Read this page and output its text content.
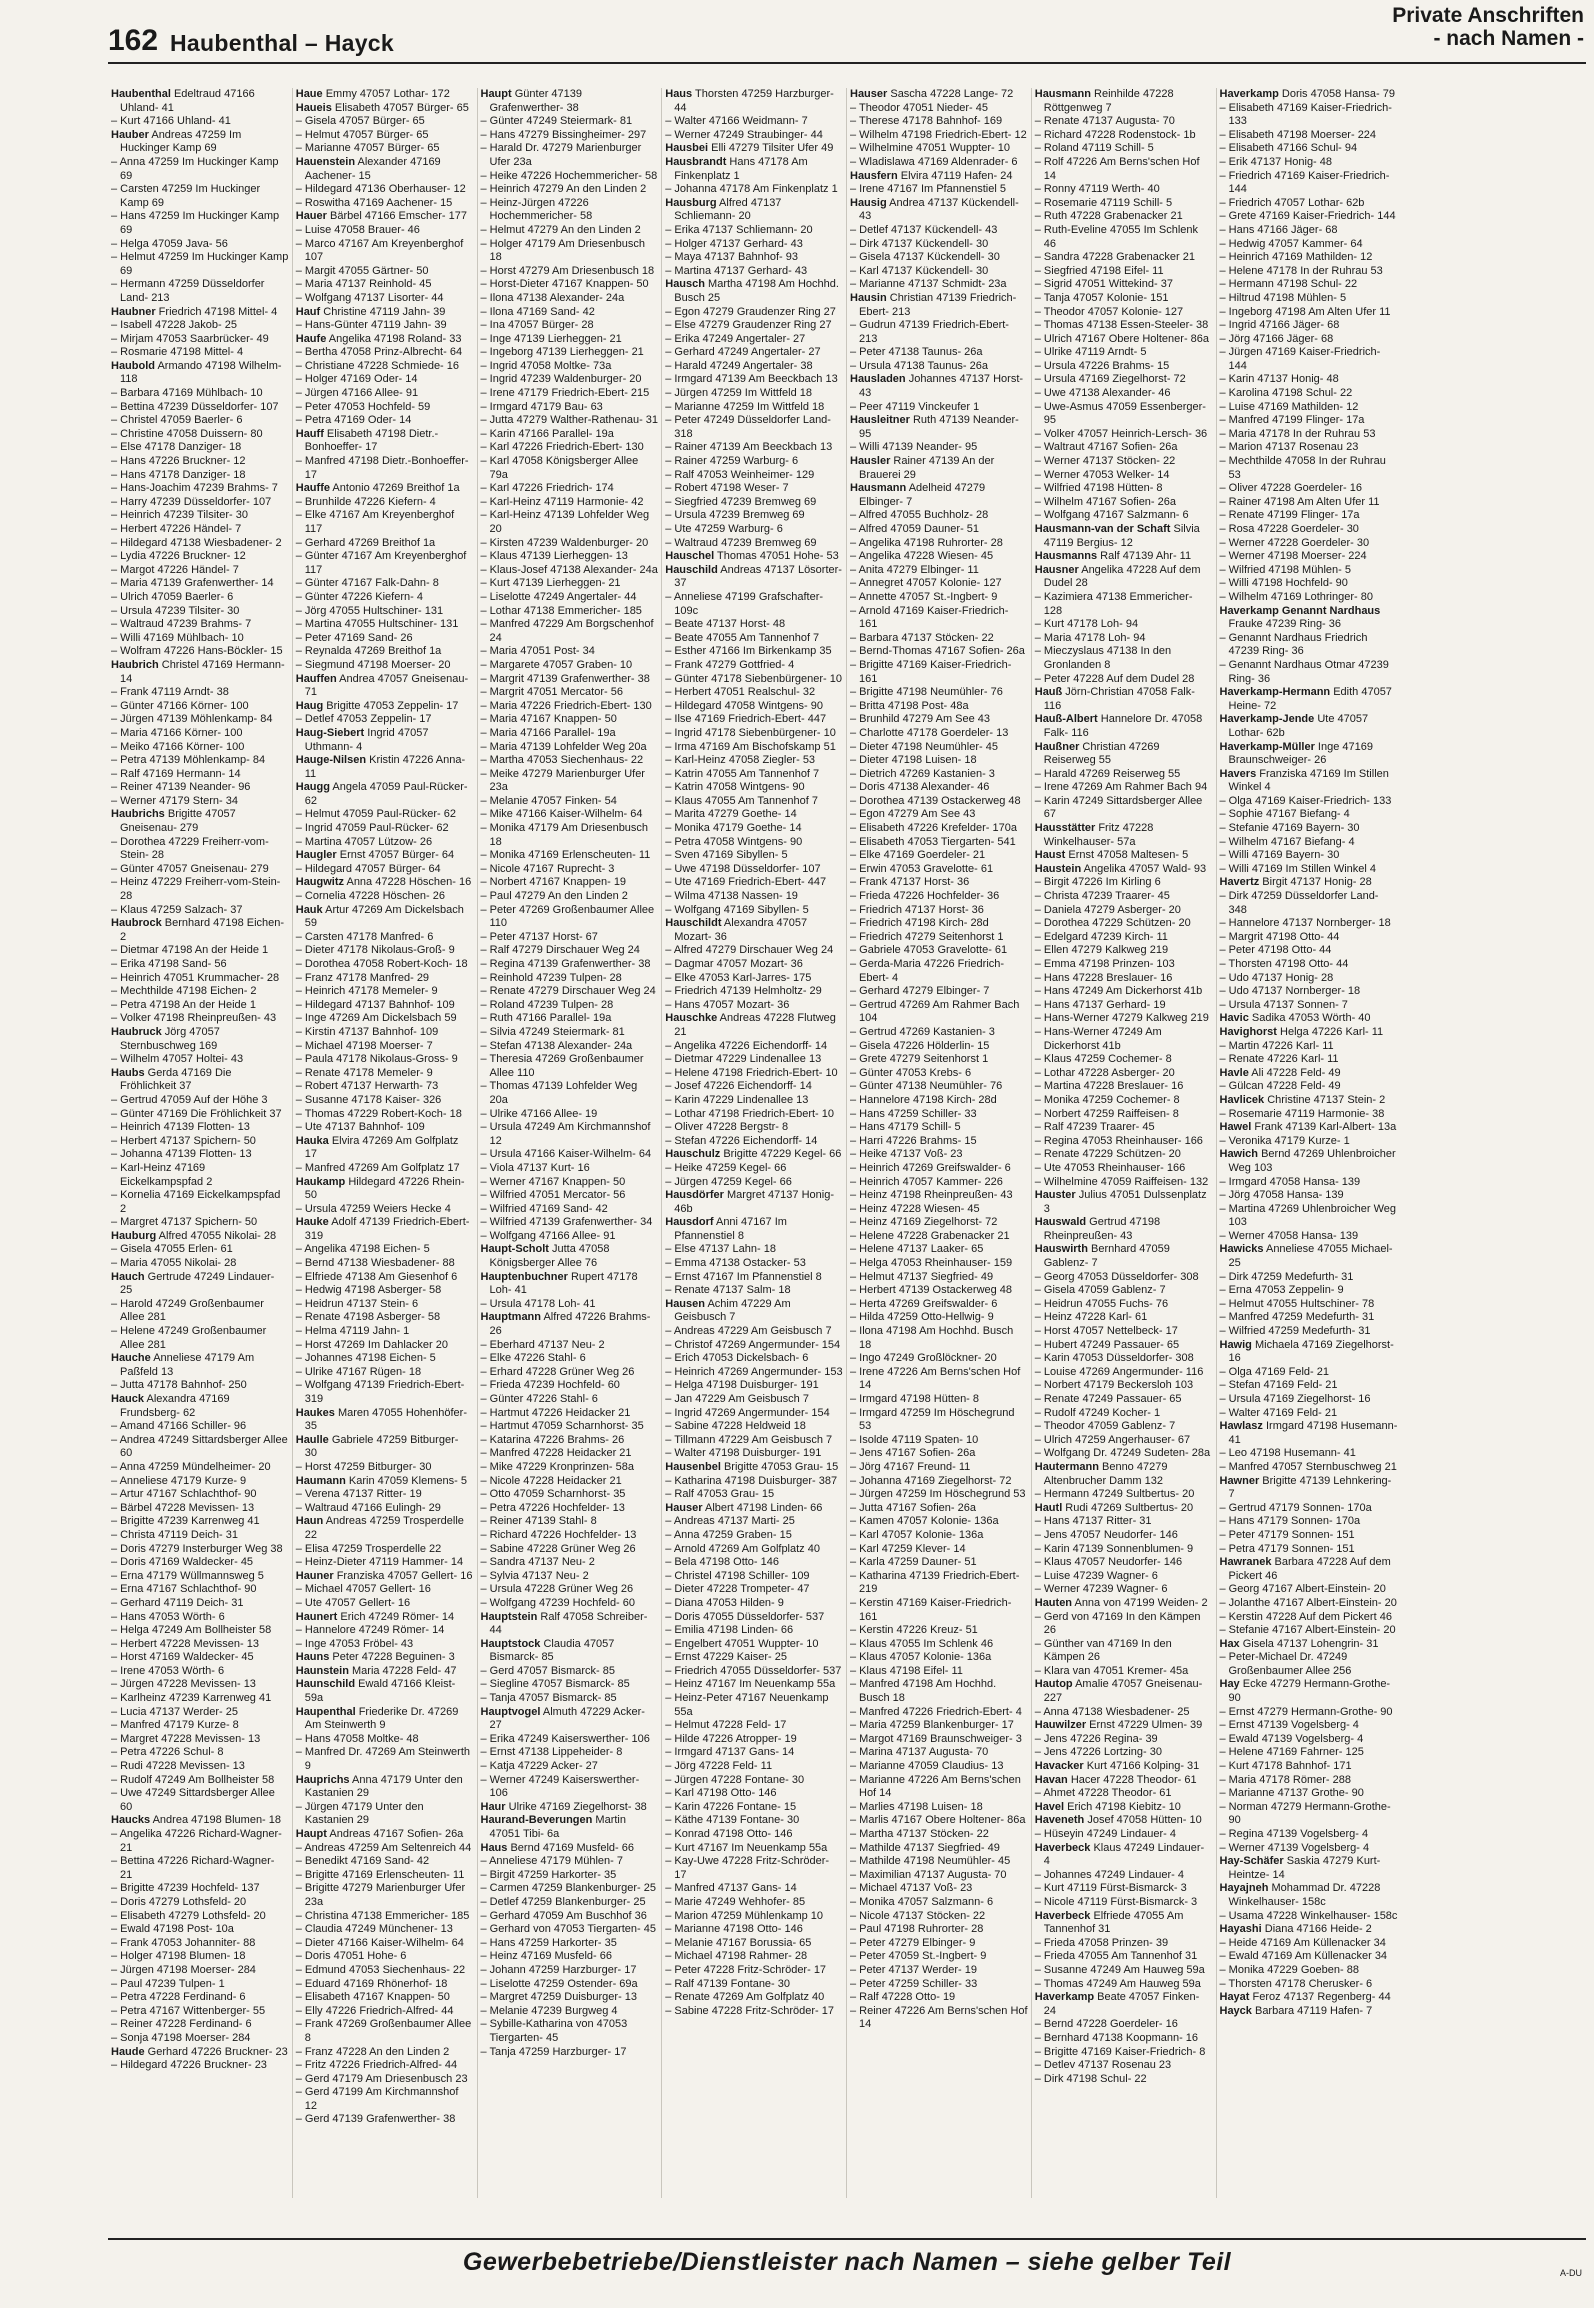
162 Haubenthal – Hayck
Private Anschriften
- nach Namen -

Haubenthal Edeltraud 47166 Uhland- 41

– Kurt 47166 Uhland- 41

Hauber Andreas 47259 Im Huckinger Kamp 69

– Anna 47259 Im Huckinger Kamp 69

– Carsten 47259 Im Huckinger Kamp 69

– Hans 47259 Im Huckinger Kamp 69

– Helga 47059 Java- 56

– Helmut 47259 Im Huckinger Kamp 69

– Hermann 47259 Düsseldorfer Land- 213

Haubner Friedrich 47198 Mittel- 4

– Isabell 47228 Jakob- 25

– Mirjam 47053 Saarbrücker- 49

– Rosmarie 47198 Mittel- 4

Haubold Armando 47198 Wilhelm- 118

– Barbara 47169 Mühlbach- 10

– Bettina 47239 Düsseldorfer- 107

– Christel 47059 Baerler- 6

– Christine 47058 Duissern- 80

– Else 47178 Danziger- 18

– Hans 47226 Bruckner- 12

– Hans 47178 Danziger- 18

– Hans-Joachim 47239 Brahms- 7

– Harry 47239 Düsseldorfer- 107

– Heinrich 47239 Tilsiter- 30

– Herbert 47226 Händel- 7

– Hildegard 47138 Wiesbadener- 2

– Lydia 47226 Bruckner- 12

– Margot 47226 Händel- 7

– Maria 47139 Grafenwerther- 14

– Ulrich 47059 Baerler- 6

– Ursula 47239 Tilsiter- 30

– Waltraud 47239 Brahms- 7

– Willi 47169 Mühlbach- 10

– Wolfram 47226 Hans-Böckler- 15

Haubrich Christel 47169 Hermann- 14

– Frank 47119 Arndt- 38

– Günter 47166 Körner- 100

– Jürgen 47139 Möhlenkamp- 84

– Maria 47166 Körner- 100

– Meiko 47166 Körner- 100

– Petra 47139 Möhlenkamp- 84

– Ralf 47169 Hermann- 14

– Reiner 47139 Neander- 96

– Werner 47179 Stern- 34

Haubrichs Brigitte 47057 Gneisenau- 279

– Dorothea 47229 Freiherr-vom-Stein- 28

– Günter 47057 Gneisenau- 279

– Heinz 47229 Freiherr-vom-Stein- 28

– Klaus 47259 Salzach- 37

Haubrock Bernhard 47198 Eichen- 2

– Dietmar 47198 An der Heide 1

– Erika 47198 Sand- 56

– Heinrich 47051 Krummacher- 28

– Mechthilde 47198 Eichen- 2

– Petra 47198 An der Heide 1

– Volker 47198 Rheinpreußen- 43

Haubruck Jörg 47057 Sternbuschweg 169

– Wilhelm 47057 Holtei- 43

Haubs Gerda 47169 Die Fröhlichkeit 37

– Gertrud 47059 Auf der Höhe 3

– Günter 47169 Die Fröhlichkeit 37

– Heinrich 47139 Flotten- 13

– Herbert 47137 Spichern- 50

– Johanna 47139 Flotten- 13

– Karl-Heinz 47169 Eickelkampspfad 2

– Kornelia 47169 Eickelkampspfad 2

– Margret 47137 Spichern- 50

Hauburg Alfred 47055 Nikolai- 28

– Gisela 47055 Erlen- 61

– Maria 47055 Nikolai- 28

Hauch Gertrude 47249 Lindauer- 25

– Harold 47249 Großenbaumer Allee 281

– Helene 47249 Großenbaumer Allee 281

Hauche Anneliese 47179 Am Paßfeld 13

– Jutta 47178 Bahnhof- 250

Hauck Alexandra 47169 Frundsberg- 62

– Amand 47166 Schiller- 96

– Andrea 47249 Sittardsberger Allee 60

– Anna 47259 Mündelheimer- 20

– Anneliese 47179 Kurze- 9

– Artur 47167 Schlachthof- 90

– Bärbel 47228 Mevissen- 13

– Brigitte 47239 Karrenweg 41

– Christa 47119 Deich- 31

– Doris 47279 Insterburger Weg 38

– Doris 47169 Waldecker- 45

– Erna 47179 Wüllmannsweg 5

– Erna 47167 Schlachthof- 90

– Gerhard 47119 Deich- 31

– Hans 47053 Wörth- 6

– Helga 47249 Am Bollheister 58

– Herbert 47228 Mevissen- 13

– Horst 47169 Waldecker- 45

– Irene 47053 Wörth- 6

– Jürgen 47228 Mevissen- 13

– Karlheinz 47239 Karrenweg 41

– Lucia 47137 Werder- 25

– Manfred 47179 Kurze- 8

– Margret 47228 Mevissen- 13

– Petra 47226 Schul- 8

– Rudi 47228 Mevissen- 13

– Rudolf 47249 Am Bollheister 58

– Uwe 47249 Sittardsberger Allee 60

Haucks Andrea 47198 Blumen- 18

– Angelika 47226 Richard-Wagner- 21

– Bettina 47226 Richard-Wagner- 21

– Brigitte 47239 Hochfeld- 137

– Doris 47279 Lothsfeld- 20

– Elisabeth 47279 Lothsfeld- 20

– Ewald 47198 Post- 10a

– Frank 47053 Johanniter- 88

– Holger 47198 Blumen- 18

– Jürgen 47198 Moerser- 284

– Paul 47239 Tulpen- 1

– Petra 47228 Ferdinand- 6

– Petra 47167 Wittenberger- 55

– Reiner 47228 Ferdinand- 6

– Sonja 47198 Moerser- 284

Haude Gerhard 47226 Bruckner- 23

– Hildegard 47226 Bruckner- 23

Haue Emmy 47057 Lothar- 172

Haueis Elisabeth 47057 Bürger- 65

– Gisela 47057 Bürger- 65

– Helmut 47057 Bürger- 65

– Marianne 47057 Bürger- 65

Hauenstein Alexander 47169 Aachener- 15

– Hildegard 47136 Oberhauser- 12

– Roswitha 47169 Aachener- 15

Hauer Bärbel 47166 Emscher- 177

– Luise 47058 Brauer- 46

– Marco 47167 Am Kreyenberghof 107

– Margit 47055 Gärtner- 50

– Maria 47137 Reinhold- 45

– Wolfgang 47137 Lisorter- 44

Hauf Christine 47119 Jahn- 39

– Hans-Günter 47119 Jahn- 39

Haufe Angelika 47198 Roland- 33

– Bertha 47058 Prinz-Albrecht- 64

– Christiane 47228 Schmiede- 16

– Holger 47169 Oder- 14

– Jürgen 47166 Allee- 91

– Peter 47053 Hochfeld- 59

– Petra 47169 Oder- 14

Hauff Elisabeth 47198 Dietr.-Bonhoeffer- 17

– Manfred 47198 Dietr.-Bonhoeffer- 17

Hauffe Antonio 47269 Breithof 1a

– Brunhilde 47226 Kiefern- 4

– Elke 47167 Am Kreyenberghof 117

– Gerhard 47269 Breithof 1a

– Günter 47167 Am Kreyenberghof 117

– Günter 47167 Falk-Dahn- 8

– Günter 47226 Kiefern- 4

– Jörg 47055 Hultschiner- 131

– Martina 47055 Hultschiner- 131

– Peter 47169 Sand- 26

– Reynalda 47269 Breithof 1a

– Siegmund 47198 Moerser- 20

Hauffen Andrea 47057 Gneisenau- 71

Haug Brigitte 47053 Zeppelin- 17

– Detlef 47053 Zeppelin- 17

Haug-Siebert Ingrid 47057 Uthmann- 4

Hauge-Nilsen Kristin 47226 Anna- 11

Haugg Angela 47059 Paul-Rücker- 62

– Helmut 47059 Paul-Rücker- 62

– Ingrid 47059 Paul-Rücker- 62

– Martina 47057 Lützow- 26

Haugler Ernst 47057 Bürger- 64

– Hildegard 47057 Bürger- 64

Haugwitz Anna 47228 Höschen- 16

– Cornelia 47228 Höschen- 26

Hauk Artur 47269 Am Dickelsbach 59

– Carsten 47178 Manfred- 6

– Dieter 47178 Nikolaus-Groß- 9

– Dorothea 47058 Robert-Koch- 18

– Franz 47178 Manfred- 29

– Heinrich 47178 Memeler- 9

– Hildegard 47137 Bahnhof- 109

– Inge 47269 Am Dickelsbach 59

– Kirstin 47137 Bahnhof- 109

– Michael 47198 Moerser- 7

– Paula 47178 Nikolaus-Gross- 9

– Renate 47178 Memeler- 9

– Robert 47137 Herwarth- 73

– Susanne 47178 Kaiser- 326

– Thomas 47229 Robert-Koch- 18

– Ute 47137 Bahnhof- 109

Hauka Elvira 47269 Am Golfplatz 17

– Manfred 47269 Am Golfplatz 17

Haukamp Hildegard 47226 Rhein- 50

– Ursula 47259 Weiers Hecke 4

Hauke Adolf 47139 Friedrich-Ebert- 319

– Angelika 47198 Eichen- 5

– Bernd 47138 Wiesbadener- 88

– Elfriede 47138 Am Giesenhof 6

– Hedwig 47198 Asberger- 58

– Heidrun 47137 Stein- 6

– Renate 47198 Asberger- 58

– Helma 47119 Jahn- 1

– Horst 47269 Im Dahlacker 20

– Johannes 47198 Eichen- 5

– Ulrike 47167 Rügen- 18

– Wolfgang 47139 Friedrich-Ebert- 319

Haukes Maren 47055 Hohenhöfer- 35

Haulle Gabriele 47259 Bitburger- 30

– Horst 47259 Bitburger- 30

Haumann Karin 47059 Klemens- 5

– Verena 47137 Ritter- 19

– Waltraud 47166 Eulingh- 29

Haun Andreas 47259 Trosperdelle 22

– Elisa 47259 Trosperdelle 22

– Heinz-Dieter 47119 Hammer- 14

Hauner Franziska 47057 Gellert- 16

– Michael 47057 Gellert- 16

– Ute 47057 Gellert- 16

Haunert Erich 47249 Römer- 14

– Hannelore 47249 Römer- 14

– Inge 47053 Fröbel- 43

Hauns Peter 47228 Beguinen- 3

Haunstein Maria 47228 Feld- 47

Haunschild Ewald 47166 Kleist- 59a

Haupenthal Friederike Dr. 47269 Am Steinwerth 9

– Hans 47058 Moltke- 48

– Manfred Dr. 47269 Am Steinwerth 9

Hauprichs Anna 47179 Unter den Kastanien 29

– Jürgen 47179 Unter den Kastanien 29

Haupt Andreas 47167 Sofien- 26a

– Andreas 47259 Am Seltenreich 44

– Benedikt 47169 Sand- 42

– Brigitte 47169 Erlenscheuten- 11

– Brigitte 47279 Marienburger Ufer 23a

– Christina 47138 Emmericher- 185

– Claudia 47249 Münchener- 13

– Dieter 47166 Kaiser-Wilhelm- 64

– Doris 47051 Hohe- 6

– Edmund 47053 Siechenhaus- 22

– Eduard 47169 Rhönerhof- 18

– Elisabeth 47167 Knappen- 50

– Elly 47226 Friedrich-Alfred- 44

– Frank 47269 Großenbaumer Allee 8

– Franz 47228 An den Linden 2

– Fritz 47226 Friedrich-Alfred- 44

– Gerd 47179 Am Driesenbusch 23

– Gerd 47199 Am Kirchmannshof 12

– Gerd 47139 Grafenwerther- 38

Haupt Günter 47139 Grafenwerther- 38

– Günter 47249 Steiermark- 81

– Hans 47279 Bissingheimer- 297

– Harald Dr. 47279 Marienburger Ufer 23a

– Heike 47226 Hochemmericher- 58

– Heinrich 47279 An den Linden 2

– Heinz-Jürgen 47226 Hochemmericher- 58

– Helmut 47279 An den Linden 2

– Holger 47179 Am Driesenbusch 18

– Horst 47279 Am Driesenbusch 18

– Horst-Dieter 47167 Knappen- 50

– Ilona 47138 Alexander- 24a

– Ilona 47169 Sand- 42

– Ina 47057 Bürger- 28

– Inge 47139 Lierheggen- 21

– Ingeborg 47139 Lierheggen- 21

– Ingrid 47058 Moltke- 73a

– Ingrid 47239 Waldenburger- 20

– Irene 47179 Friedrich-Ebert- 215

– Irmgard 47179 Bau- 63

– Jutta 47279 Walther-Rathenau- 31

– Karin 47166 Parallel- 19a

– Karl 47226 Friedrich-Ebert- 130

– Karl 47058 Königsberger Allee 79a

– Karl 47226 Friedrich- 174

– Karl-Heinz 47119 Harmonie- 42

– Karl-Heinz 47139 Lohfelder Weg 20

– Kirsten 47239 Waldenburger- 20

– Klaus 47139 Lierheggen- 13

– Klaus-Josef 47138 Alexander- 24a

– Kurt 47139 Lierheggen- 21

– Liselotte 47249 Angertaler- 44

– Lothar 47138 Emmericher- 185

– Manfred 47229 Am Borgschenhof 24

– Maria 47051 Post- 34

– Margarete 47057 Graben- 10

– Margrit 47139 Grafenwerther- 38

– Margrit 47051 Mercator- 56

– Maria 47226 Friedrich-Ebert- 130

– Maria 47167 Knappen- 50

– Maria 47166 Parallel- 19a

– Maria 47139 Lohfelder Weg 20a

– Martha 47053 Siechenhaus- 22

– Meike 47279 Marienburger Ufer 23a

– Melanie 47057 Finken- 54

– Mike 47166 Kaiser-Wilhelm- 64

– Monika 47179 Am Driesenbusch 18

– Monika 47169 Erlenscheuten- 11

– Nicole 47167 Ruprecht- 3

– Norbert 47167 Knappen- 19

– Paul 47279 An den Linden 2

– Peter 47269 Großenbaumer Allee 110

– Peter 47137 Horst- 67

– Ralf 47279 Dirschauer Weg 24

– Regina 47139 Grafenwerther- 38

– Reinhold 47239 Tulpen- 28

– Renate 47279 Dirschauer Weg 24

– Roland 47239 Tulpen- 28

– Ruth 47166 Parallel- 19a

– Silvia 47249 Steiermark- 81

– Stefan 47138 Alexander- 24a

– Theresia 47269 Großenbaumer Allee 110

– Thomas 47139 Lohfelder Weg 20a

– Ulrike 47166 Allee- 19

– Ursula 47249 Am Kirchmannshof 12

– Ursula 47166 Kaiser-Wilhelm- 64

– Viola 47137 Kurt- 16

– Werner 47167 Knappen- 50

– Wilfried 47051 Mercator- 56

– Wilfried 47169 Sand- 42

– Wilfried 47139 Grafenwerther- 34

– Wolfgang 47166 Allee- 91

Haupt-Scholt Jutta 47058 Königsberger Allee 76

Hauptenbuchner Rupert 47178 Loh- 41

– Ursula 47178 Loh- 41

Hauptmann Alfred 47226 Brahms- 26

– Eberhard 47137 Neu- 2

– Elke 47226 Stahl- 6

– Erhard 47228 Grüner Weg 26

– Frieda 47239 Hochfeld- 60

– Günter 47226 Stahl- 6

– Hartmut 47226 Heidacker 21

– Hartmut 47059 Scharnhorst- 35

– Katarina 47226 Brahms- 26

– Manfred 47228 Heidacker 21

– Mike 47229 Kronprinzen- 58a

– Nicole 47228 Heidacker 21

– Otto 47059 Scharnhorst- 35

– Petra 47226 Hochfelder- 13

– Reiner 47139 Stahl- 8

– Richard 47226 Hochfelder- 13

– Sabine 47228 Grüner Weg 26

– Sandra 47137 Neu- 2

– Sylvia 47137 Neu- 2

– Ursula 47228 Grüner Weg 26

– Wolfgang 47239 Hochfeld- 60

Hauptstein Ralf 47058 Schreiber- 44

Hauptstock Claudia 47057 Bismarck- 85

– Gerd 47057 Bismarck- 85

– Siegline 47057 Bismarck- 85

– Tanja 47057 Bismarck- 85

Hauptvogel Almuth 47229 Acker- 27

– Erika 47249 Kaiserswerther- 106

– Ernst 47138 Lippeheider- 8

– Katja 47229 Acker- 27

– Werner 47249 Kaiserswerther- 106

Haur Ulrike 47169 Ziegelhorst- 38

Haurand-Beverungen Martin 47051 Tibi- 6a

Haus Bernd 47169 Musfeld- 66

– Anneliese 47179 Mühlen- 7

– Birgit 47259 Harkorter- 35

– Carmen 47259 Blankenburger- 25

– Detlef 47259 Blankenburger- 25

– Gerhard 47059 Am Buschhof 36

– Gerhard von 47053 Tiergarten- 45

– Hans 47259 Harkorter- 35

– Heinz 47169 Musfeld- 66

– Johann 47259 Harzburger- 17

– Liselotte 47259 Ostender- 69a

– Margret 47259 Duisburger- 13

– Melanie 47239 Burgweg 4

– Sybille-Katharina von 47053 Tiergarten- 45

– Tanja 47259 Harzburger- 17

Haus Thorsten 47259 Harzburger- 44

– Walter 47166 Weidmann- 7

– Werner 47249 Straubinger- 44

Hausbei Elli 47279 Tilsiter Ufer 49

Hausbrandt Hans 47178 Am Finkenplatz 1

– Johanna 47178 Am Finkenplatz 1

Hausburg Alfred 47137 Schliemann- 20

– Erika 47137 Schliemann- 20

– Holger 47137 Gerhard- 43

– Maya 47137 Bahnhof- 93

– Martina 47137 Gerhard- 43

Hausch Martha 47198 Am Hochhd. Busch 25

– Egon 47279 Graudenzer Ring 27

– Else 47279 Graudenzer Ring 27

– Erika 47249 Angertaler- 27

– Gerhard 47249 Angertaler- 27

– Harald 47249 Angertaler- 38

– Irmgard 47139 Am Beeckbach 13

– Jürgen 47259 Im Wittfeld 18

– Marianne 47259 Im Wittfeld 18

– Peter 47249 Düsseldorfer Land- 318

– Rainer 47139 Am Beeckbach 13

– Rainer 47259 Warburg- 6

– Ralf 47053 Weinheimer- 129

– Robert 47198 Weser- 7

– Siegfried 47239 Bremweg 69

– Ursula 47239 Bremweg 69

– Ute 47259 Warburg- 6

– Waltraud 47239 Bremweg 69

Hauschel Thomas 47051 Hohe- 53

Hauschild Andreas 47137 Lösorter- 37

– Anneliese 47199 Grafschafter- 109c

– Beate 47137 Horst- 48

– Beate 47055 Am Tannenhof 7

– Esther 47166 Im Birkenkamp 35

– Frank 47279 Gottfried- 4

– Günter 47178 Siebenbürgener- 10

– Herbert 47051 Realschul- 32

– Hildegard 47058 Wintgens- 90

– Ilse 47169 Friedrich-Ebert- 447

– Ingrid 47178 Siebenbürgener- 10

– Irma 47169 Am Bischofskamp 51

– Karl-Heinz 47058 Ziegler- 53

– Katrin 47055 Am Tannenhof 7

– Katrin 47058 Wintgens- 90

– Klaus 47055 Am Tannenhof 7

– Marita 47279 Goethe- 14

– Monika 47179 Goethe- 14

– Petra 47058 Wintgens- 90

– Sven 47169 Sibyllen- 5

– Uwe 47198 Düsseldorfer- 107

– Ute 47169 Friedrich-Ebert- 447

– Wilma 47138 Nassen- 19

– Wolfgang 47169 Sibyllen- 5

Hauschildt Alexandra 47057 Mozart- 36

– Alfred 47279 Dirschauer Weg 24

– Dagmar 47057 Mozart- 36

– Elke 47053 Karl-Jarres- 175

– Friedrich 47139 Helmholtz- 29

– Hans 47057 Mozart- 36

Hauschke Andreas 47228 Flutweg 21

– Angelika 47226 Eichendorff- 14

– Dietmar 47229 Lindenallee 13

– Helene 47198 Friedrich-Ebert- 10

– Josef 47226 Eichendorff- 14

– Karin 47229 Lindenallee 13

– Lothar 47198 Friedrich-Ebert- 10

– Oliver 47228 Bergstr- 8

– Stefan 47226 Eichendorff- 14

Hauschulz Brigitte 47229 Kegel- 66

– Heike 47259 Kegel- 66

– Jürgen 47259 Kegel- 66

Hausdörfer Margret 47137 Honig- 46b

Hausdorf Anni 47167 Im Pfannenstiel 8

– Else 47137 Lahn- 18

– Emma 47138 Ostacker- 53

– Ernst 47167 Im Pfannenstiel 8

– Renate 47137 Salm- 18

Hausen Achim 47229 Am Geisbusch 7

– Andreas 47229 Am Geisbusch 7

– Christof 47269 Angermunder- 154

– Erich 47053 Dickelsbach- 6

– Heinrich 47269 Angermunder- 153

– Helga 47198 Duisburger- 191

– Jan 47229 Am Geisbusch 7

– Ingrid 47269 Angermunder- 154

– Sabine 47228 Heldweid 18

– Tillmann 47229 Am Geisbusch 7

– Walter 47198 Duisburger- 191

Hausenbel Brigitte 47053 Grau- 15

– Katharina 47198 Duisburger- 387

– Ralf 47053 Grau- 15

Hauser Albert 47198 Linden- 66

– Andreas 47137 Marti- 25

– Anna 47259 Graben- 15

– Arnold 47269 Am Golfplatz 40

– Bela 47198 Otto- 146

– Christel 47198 Schiller- 109

– Dieter 47228 Trompeter- 47

– Diana 47053 Hilden- 9

– Doris 47055 Düsseldorfer- 537

– Emilia 47198 Linden- 66

– Engelbert 47051 Wuppter- 10

– Ernst 47229 Kaiser- 25

– Friedrich 47055 Düsseldorfer- 537

– Heinz 47167 Im Neuenkamp 55a

– Heinz-Peter 47167 Neuenkamp 55a

– Helmut 47228 Feld- 17

– Hilde 47226 Atropper- 19

– Irmgard 47137 Gans- 14

– Jörg 47228 Feld- 11

– Jürgen 47228 Fontane- 30

– Karl 47198 Otto- 146

– Karin 47226 Fontane- 15

– Käthe 47139 Fontane- 30

– Konrad 47198 Otto- 146

– Kurt 47167 Im Neuenkamp 55a

– Kay-Uwe 47228 Fritz-Schröder- 17

– Manfred 47137 Gans- 14

– Marie 47249 Wehhofer- 85

– Marion 47259 Mühlenkamp 10

– Marianne 47198 Otto- 146

– Melanie 47167 Borussia- 65

– Michael 47198 Rahmer- 28

– Peter 47228 Fritz-Schröder- 17

– Ralf 47139 Fontane- 30

– Renate 47269 Am Golfplatz 40

– Sabine 47228 Fritz-Schröder- 17

Hauser Sascha 47228 Lange- 72

– Theodor 47051 Nieder- 45

– Therese 47178 Bahnhof- 169

– Wilhelm 47198 Friedrich-Ebert- 12

– Wilhelmine 47051 Wuppter- 10

– Wladislawa 47169 Aldenrader- 6

Hausfern Elvira 47119 Hafen- 24

– Irene 47167 Im Pfannenstiel 5

Hausig Andrea 47137 Kückendell- 43

– Detlef 47137 Kückendell- 43

– Dirk 47137 Kückendell- 30

– Gisela 47137 Kückendell- 30

– Karl 47137 Kückendell- 30

– Marianne 47137 Schmidt- 23a

Hausin Christian 47139 Friedrich-Ebert- 213

– Gudrun 47139 Friedrich-Ebert- 213

– Peter 47138 Taunus- 26a

– Ursula 47138 Taunus- 26a

Hausladen Johannes 47137 Horst- 43

– Peer 47119 Vinckeufer 1

Hausleitner Ruth 47139 Neander- 95

– Willi 47139 Neander- 95

Hausler Rainer 47139 An der Brauerei 29

Hausmann Adelheid 47279 Elbinger- 7

– Alfred 47055 Buchholz- 28

– Alfred 47059 Dauner- 51

– Angelika 47198 Ruhrorter- 28

– Angelika 47228 Wiesen- 45

– Anita 47279 Elbinger- 11

– Annegret 47057 Kolonie- 127

– Annette 47057 St.-Ingbert- 9

– Arnold 47169 Kaiser-Friedrich- 161

– Barbara 47137 Stöcken- 22

– Bernd-Thomas 47167 Sofien- 26a

– Brigitte 47169 Kaiser-Friedrich- 161

– Brigitte 47198 Neumühler- 76

– Britta 47198 Post- 48a

– Brunhild 47279 Am See 43

– Charlotte 47178 Goerdeler- 13

– Dieter 47198 Neumühler- 45

– Dieter 47198 Luisen- 18

– Dietrich 47269 Kastanien- 3

– Doris 47138 Alexander- 46

– Dorothea 47139 Ostackerweg 48

– Egon 47279 Am See 43

– Elisabeth 47226 Krefelder- 170a

– Elisabeth 47053 Tiergarten- 541

– Elke 47169 Goerdeler- 21

– Erwin 47053 Gravelotte- 61

– Frank 47137 Horst- 36

– Frieda 47226 Hochfelder- 36

– Friedrich 47137 Horst- 36

– Friedrich 47198 Kirch- 28d

– Friedrich 47279 Seitenhorst 1

– Gabriele 47053 Gravelotte- 61

– Gerda-Maria 47226 Friedrich-Ebert- 4

– Gerhard 47279 Elbinger- 7

– Gertrud 47269 Am Rahmer Bach 104

– Gertrud 47269 Kastanien- 3

– Gisela 47226 Hölderlin- 15

– Grete 47279 Seitenhorst 1

– Günter 47053 Krebs- 6

– Günter 47138 Neumühler- 76

– Hannelore 47198 Kirch- 28d

– Hans 47259 Schiller- 33

– Hans 47179 Schill- 5

– Harri 47226 Brahms- 15

– Heike 47137 Voß- 23

– Heinrich 47269 Greifswalder- 6

– Heinrich 47057 Kammer- 226

– Heinz 47198 Rheinpreußen- 43

– Heinz 47228 Wiesen- 45

– Heinz 47169 Ziegelhorst- 72

– Helene 47228 Grabenacker 21

– Helene 47137 Laaker- 65

– Helga 47053 Rheinhauser- 159

– Helmut 47137 Siegfried- 49

– Herbert 47139 Ostackerweg 48

– Herta 47269 Greifswalder- 6

– Hilda 47259 Otto-Hellwig- 9

– Ilona 47198 Am Hochhd. Busch 18

– Ingo 47249 Großlöckner- 20

– Irene 47226 Am Berns'schen Hof 14

– Irmgard 47198 Hütten- 8

– Irmgard 47259 Im Höschegrund 53

– Isolde 47119 Spaten- 10

– Jens 47167 Sofien- 26a

– Jörg 47167 Freund- 11

– Johanna 47169 Ziegelhorst- 72

– Jürgen 47259 Im Höschegrund 53

– Jutta 47167 Sofien- 26a

– Kamen 47057 Kolonie- 136a

– Karl 47057 Kolonie- 136a

– Karl 47259 Klever- 14

– Karla 47259 Dauner- 51

– Katharina 47139 Friedrich-Ebert- 219

– Kerstin 47169 Kaiser-Friedrich- 161

– Kerstin 47226 Kreuz- 51

– Klaus 47055 Im Schlenk 46

– Klaus 47057 Kolonie- 136a

– Klaus 47198 Eifel- 11

– Manfred 47198 Am Hochhd. Busch 18

– Manfred 47226 Friedrich-Ebert- 4

– Maria 47259 Blankenburger- 17

– Margot 47169 Braunschweiger- 3

– Marina 47137 Augusta- 70

– Marianne 47059 Claudius- 13

– Marianne 47226 Am Berns'schen Hof 14

– Marlies 47198 Luisen- 18

– Marlis 47167 Obere Holtener- 86a

– Martha 47137 Stöcken- 22

– Mathilde 47137 Siegfried- 49

– Mathilde 47198 Neumühler- 45

– Maximilian 47137 Augusta- 70

– Michael 47137 Voß- 23

– Monika 47057 Salzmann- 6

– Nicole 47137 Stöcken- 22

– Paul 47198 Ruhrorter- 28

– Peter 47279 Elbinger- 9

– Peter 47059 St.-Ingbert- 9

– Peter 47137 Werder- 19

– Peter 47259 Schiller- 33

– Ralf 47228 Otto- 19

– Reiner 47226 Am Berns'schen Hof 14

Hausmann Reinhilde 47228 Röttgenweg 7

– Renate 47137 Augusta- 70

– Richard 47228 Rodenstock- 1b

– Roland 47119 Schill- 5

– Rolf 47226 Am Berns'schen Hof 14

– Ronny 47119 Werth- 40

– Rosemarie 47119 Schill- 5

– Ruth 47228 Grabenacker 21

– Ruth-Eveline 47055 Im Schlenk 46

– Sandra 47228 Grabenacker 21

– Siegfried 47198 Eifel- 11

– Sigrid 47051 Wittekind- 37

– Tanja 47057 Kolonie- 151

– Theodor 47057 Kolonie- 127

– Thomas 47138 Essen-Steeler- 38

– Ulrich 47167 Obere Holtener- 86a

– Ulrike 47119 Arndt- 5

– Ursula 47226 Brahms- 15

– Ursula 47169 Ziegelhorst- 72

– Uwe 47138 Alexander- 46

– Uwe-Asmus 47059 Essenberger- 95

– Volker 47057 Heinrich-Lersch- 36

– Waltraut 47167 Sofien- 26a

– Werner 47137 Stöcken- 22

– Werner 47053 Welker- 14

– Wilfried 47198 Hütten- 8

– Wilhelm 47167 Sofien- 26a

– Wolfgang 47167 Salzmann- 6

Hausmann-van der Schaft Silvia 47119 Bergius- 12

Hausmanns Ralf 47139 Ahr- 11

Hausner Angelika 47228 Auf dem Dudel 28

– Kazimiera 47138 Emmericher- 128

– Kurt 47178 Loh- 94

– Maria 47178 Loh- 94

– Mieczyslaus 47138 In den Gronlanden 8

– Peter 47228 Auf dem Dudel 28

Hauß Jörn-Christian 47058 Falk- 116

Hauß-Albert Hannelore Dr. 47058 Falk- 116

Haußner Christian 47269 Reiserweg 55

– Harald 47269 Reiserweg 55

– Irene 47269 Am Rahmer Bach 94

– Karin 47249 Sittardsberger Allee 67

Hausstätter Fritz 47228 Winkelhauser- 57a

Haust Ernst 47058 Maltesen- 5

Haustein Angelika 47057 Wald- 93

– Birgit 47226 Im Kirling 6

– Christa 47239 Traarer- 45

– Daniela 47279 Asberger- 20

– Dorothea 47229 Schützen- 20

– Edelgard 47239 Kirch- 11

– Ellen 47279 Kalkweg 219

– Emma 47198 Prinzen- 103

– Hans 47228 Breslauer- 16

– Hans 47249 Am Dickerhorst 41b

– Hans 47137 Gerhard- 19

– Hans-Werner 47279 Kalkweg 219

– Hans-Werner 47249 Am Dickerhorst 41b

– Klaus 47259 Cochemer- 8

– Lothar 47228 Asberger- 20

– Martina 47228 Breslauer- 16

– Monika 47259 Cochemer- 8

– Norbert 47259 Raiffeisen- 8

– Ralf 47239 Traarer- 45

– Regina 47053 Rheinhauser- 166

– Renate 47229 Schützen- 20

– Ute 47053 Rheinhauser- 166

– Wilhelmine 47059 Raiffeisen- 132

Hauster Julius 47051 Dulssenplatz 3

Hauswald Gertrud 47198 Rheinpreußen- 43

Hauswirth Bernhard 47059 Gablenz- 7

– Georg 47053 Düsseldorfer- 308

– Gisela 47059 Gablenz- 7

– Heidrun 47055 Fuchs- 76

– Heinz 47228 Karl- 61

– Horst 47057 Nettelbeck- 17

– Hubert 47249 Passauer- 65

– Karin 47053 Düsseldorfer- 308

– Louise 47269 Angermunder- 116

– Norbert 47179 Beckersloh 103

– Renate 47249 Passauer- 65

– Rudolf 47249 Kocher- 1

– Theodor 47059 Gablenz- 7

– Ulrich 47259 Angerhauser- 67

– Wolfgang Dr. 47249 Sudeten- 28a

Hautermann Benno 47279 Altenbrucher Damm 132

– Hermann 47249 Sultbertus- 20

Hautl Rudi 47269 Sultbertus- 20

– Hans 47137 Ritter- 31

– Jens 47057 Neudorfer- 146

– Karin 47139 Sonnenblumen- 9

– Klaus 47057 Neudorfer- 146

– Luise 47239 Wagner- 6

– Werner 47239 Wagner- 6

Hauten Anna von 47199 Weiden- 2

– Gerd von 47169 In den Kämpen 26

– Günther van 47169 In den Kämpen 26

– Klara van 47051 Kremer- 45a

Hautop Amalie 47057 Gneisenau- 227

– Anna 47138 Wiesbadener- 25

Hauwilzer Ernst 47229 Ulmen- 39

– Jens 47226 Regina- 39

– Jens 47226 Lortzing- 30

Havacker Kurt 47166 Kolping- 31

Havan Hacer 47228 Theodor- 61

– Ahmet 47228 Theodor- 61

Havel Erich 47198 Kiebitz- 10

Haveneth Josef 47058 Hütten- 10

– Hüseyin 47249 Lindauer- 4

Haverbeck Klaus 47249 Lindauer- 4

– Johannes 47249 Lindauer- 4

– Kurt 47119 Fürst-Bismarck- 3

– Nicole 47119 Fürst-Bismarck- 3

Haverbeck Elfriede 47055 Am Tannenhof 31

– Frieda 47058 Prinzen- 39

– Frieda 47055 Am Tannenhof 31

– Susanne 47249 Am Hauweg 59a

– Thomas 47249 Am Hauweg 59a

Haverkamp Beate 47057 Finken- 24

– Bernd 47228 Goerdeler- 16

– Bernhard 47138 Koopmann- 16

– Brigitte 47169 Kaiser-Friedrich- 8

– Detlev 47137 Rosenau 23

– Dirk 47198 Schul- 22

Haverkamp Doris 47058 Hansa- 79

– Elisabeth 47169 Kaiser-Friedrich- 133

– Elisabeth 47198 Moerser- 224

– Elisabeth 47166 Schul- 94

– Erik 47137 Honig- 48

– Friedrich 47169 Kaiser-Friedrich- 144

– Friedrich 47057 Lothar- 62b

– Grete 47169 Kaiser-Friedrich- 144

– Hans 47166 Jäger- 68

– Hedwig 47057 Kammer- 64

– Heinrich 47169 Mathilden- 12

– Helene 47178 In der Ruhrau 53

– Hermann 47198 Schul- 22

– Hiltrud 47198 Mühlen- 5

– Ingeborg 47198 Am Alten Ufer 11

– Ingrid 47166 Jäger- 68

– Jörg 47166 Jäger- 68

– Jürgen 47169 Kaiser-Friedrich- 144

– Karin 47137 Honig- 48

– Karolina 47198 Schul- 22

– Luise 47169 Mathilden- 12

– Manfred 47199 Flinger- 17a

– Maria 47178 In der Ruhrau 53

– Marion 47137 Rosenau 23

– Mechthilde 47058 In der Ruhrau 53

– Oliver 47228 Goerdeler- 16

– Rainer 47198 Am Alten Ufer 11

– Renate 47199 Flinger- 17a

– Rosa 47228 Goerdeler- 30

– Werner 47228 Goerdeler- 30

– Werner 47198 Moerser- 224

– Wilfried 47198 Mühlen- 5

– Willi 47198 Hochfeld- 90

– Wilhelm 47169 Lothringer- 80

Haverkamp Genannt Nardhaus Frauke 47239 Ring- 36

– Genannt Nardhaus Friedrich 47239 Ring- 36

– Genannt Nardhaus Otmar 47239 Ring- 36

Haverkamp-Hermann Edith 47057 Heine- 72

Haverkamp-Jende Ute 47057 Lothar- 62b

Haverkamp-Müller Inge 47169 Braunschweiger- 26

Havers Franziska 47169 Im Stillen Winkel 4

– Olga 47169 Kaiser-Friedrich- 133

– Sophie 47167 Biefang- 4

– Stefanie 47169 Bayern- 30

– Wilhelm 47167 Biefang- 4

– Willi 47169 Bayern- 30

– Willi 47169 Im Stillen Winkel 4

Havertz Birgit 47137 Honig- 28

– Dirk 47259 Düsseldorfer Land- 348

– Hannelore 47137 Nornberger- 18

– Margrit 47198 Otto- 44

– Peter 47198 Otto- 44

– Thorsten 47198 Otto- 44

– Udo 47137 Honig- 28

– Udo 47137 Nornberger- 18

– Ursula 47137 Sonnen- 7

Havic Sadika 47053 Wörth- 40

Havighorst Helga 47226 Karl- 11

– Martin 47226 Karl- 11

– Renate 47226 Karl- 11

Havle Ali 47228 Feld- 49

– Gülcan 47228 Feld- 49

Havlicek Christine 47137 Stein- 2

– Rosemarie 47119 Harmonie- 38

Hawel Frank 47139 Karl-Albert- 13a

– Veronika 47179 Kurze- 1

Hawich Bernd 47269 Uhlenbroicher Weg 103

– Irmgard 47058 Hansa- 139

– Jörg 47058 Hansa- 139

– Martina 47269 Uhlenbroicher Weg 103

– Werner 47058 Hansa- 139

Hawicks Anneliese 47055 Michael- 25

– Dirk 47259 Medefurth- 31

– Erna 47053 Zeppelin- 9

– Helmut 47055 Hultschiner- 78

– Manfred 47259 Medefurth- 31

– Wilfried 47259 Medefurth- 31

Hawig Michaela 47169 Ziegelhorst- 16

– Olga 47169 Feld- 21

– Stefan 47169 Feld- 21

– Ursula 47169 Ziegelhorst- 16

– Walter 47169 Feld- 21

Hawlasz Irmgard 47198 Husemann- 41

– Leo 47198 Husemann- 41

– Manfred 47057 Sternbuschweg 21

Hawner Brigitte 47139 Lehnkering- 7

– Gertrud 47179 Sonnen- 170a

– Hans 47179 Sonnen- 170a

– Peter 47179 Sonnen- 151

– Petra 47179 Sonnen- 151

Hawranek Barbara 47228 Auf dem Pickert 46

– Georg 47167 Albert-Einstein- 20

– Jolanthe 47167 Albert-Einstein- 20

– Kerstin 47228 Auf dem Pickert 46

– Stefanie 47167 Albert-Einstein- 20

Hax Gisela 47137 Lohengrin- 31

– Peter-Michael Dr. 47249 Großenbaumer Allee 256

Hay Ecke 47279 Hermann-Grothe- 90

– Ernst 47279 Hermann-Grothe- 90

– Ernst 47139 Vogelsberg- 4

– Ewald 47139 Vogelsberg- 4

– Helene 47169 Fahrner- 125

– Kurt 47178 Bahnhof- 171

– Maria 47178 Römer- 288

– Marianne 47137 Grothe- 90

– Norman 47279 Hermann-Grothe- 90

– Regina 47139 Vogelsberg- 4

– Werner 47139 Vogelsberg- 4

Hay-Schäfer Saskia 47279 Kurt-Heintze- 14

Hayajneh Mohammad Dr. 47228 Winkelhauser- 158c

– Usama 47228 Winkelhauser- 158c

Hayashi Diana 47166 Heide- 2

– Heide 47169 Am Küllenacker 34

– Ewald 47169 Am Küllenacker 34

– Monika 47229 Goeben- 88

– Thorsten 47178 Cherusker- 6

Hayat Feroz 47137 Regenberg- 44

Hayck Barbara 47119 Hafen- 7

Gewerbebetriebe/Dienstleister nach Namen – siehe gelber Teil	A-DU
